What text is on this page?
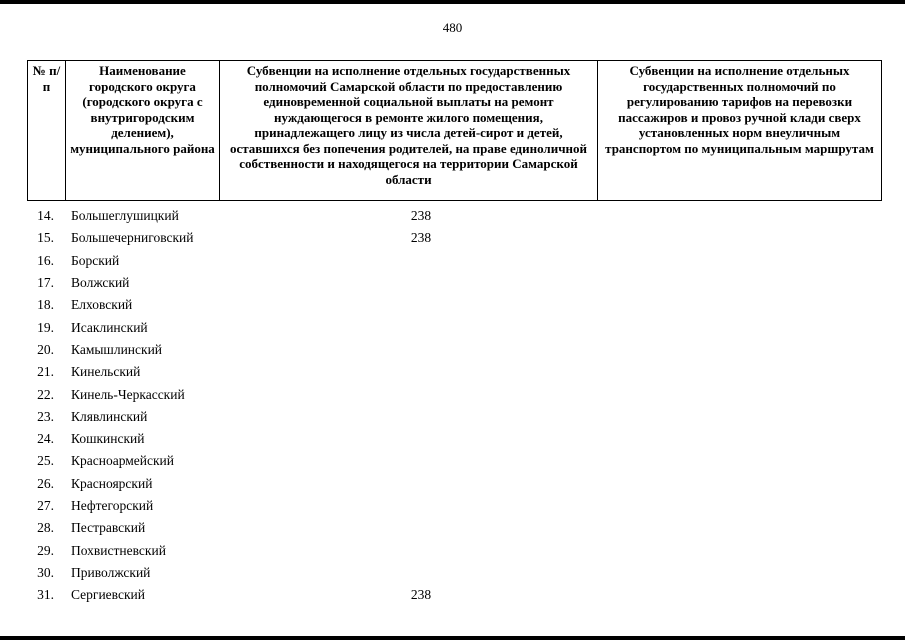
480
№ п/п	Наименование городского округа (городского округа с внутригородским делением), муниципального района	Субвенции на исполнение отдельных государственных полномочий Самарской области по предоставлению единовременной социальной выплаты на ремонт нуждающегося в ремонте жилого помещения, принадлежащего лицу из числа детей-сирот и детей, оставшихся без попечения родителей, на праве единоличной собственности и находящегося на территории Самарской области	Субвенции на исполнение отдельных государственных полномочий по регулированию тарифов на перевозки пассажиров и провоз ручной клади сверх установленных норм внеуличным транспортом по муниципальным маршрутам
14.	Большеглушицкий	238	
15.	Большечерниговский	238	
16.	Борский		
17.	Волжский		
18.	Елховский		
19.	Исаклинский		
20.	Камышлинский		
21.	Кинельский		
22.	Кинель-Черкасский		
23.	Клявлинский		
24.	Кошкинский		
25.	Красноармейский		
26.	Красноярский		
27.	Нефтегорский		
28.	Пестравский		
29.	Похвистневский		
30.	Приволжский		
31.	Сергиевский	238	
